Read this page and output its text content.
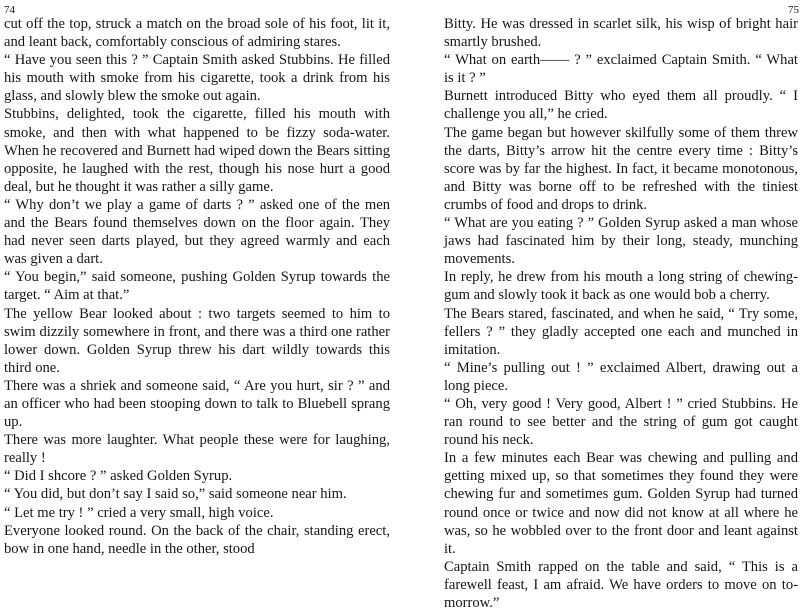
74

cut off the top, struck a match on the broad sole of his foot, lit it, and leant back, comfortably conscious of admiring stares.

“ Have you seen this ? ” Captain Smith asked Stubbins. He filled his mouth with smoke from his cigarette, took a drink from his glass, and slowly blew the smoke out again.

Stubbins, delighted, took the cigarette, filled his mouth with smoke, and then with what happened to be fizzy soda-water. When he recovered and Burnett had wiped down the Bears sitting opposite, he laughed with the rest, though his nose hurt a good deal, but he thought it was rather a silly game.

“ Why don’t we play a game of darts ? ” asked one of the men and the Bears found themselves down on the floor again. They had never seen darts played, but they agreed warmly and each was given a dart.

“ You begin,” said someone, pushing Golden Syrup towards the target. “ Aim at that.”

The yellow Bear looked about : two targets seemed to him to swim dizzily somewhere in front, and there was a third one rather lower down. Golden Syrup threw his dart wildly towards this third one.

There was a shriek and someone said, “ Are you hurt, sir ? ” and an officer who had been stooping down to talk to Bluebell sprang up.

There was more laughter. What people these were for laughing, really !

“ Did I shcore ? ” asked Golden Syrup.

“ You did, but don’t say I said so,” said someone near him.

“ Let me try ! ” cried a very small, high voice.

Everyone looked round. On the back of the chair, standing erect, bow in one hand, needle in the other, stood

75

Bitty. He was dressed in scarlet silk, his wisp of bright hair smartly brushed.

“ What on earth—— ? ” exclaimed Captain Smith. “ What is it ? ”

Burnett introduced Bitty who eyed them all proudly. “ I challenge you all,” he cried.

The game began but however skilfully some of them threw the darts, Bitty’s arrow hit the centre every time : Bitty’s score was by far the highest. In fact, it became monotonous, and Bitty was borne off to be refreshed with the tiniest crumbs of food and drops to drink.

“ What are you eating ? ” Golden Syrup asked a man whose jaws had fascinated him by their long, steady, munching movements.

In reply, he drew from his mouth a long string of chewing-gum and slowly took it back as one would bob a cherry.

The Bears stared, fascinated, and when he said, “ Try some, fellers ? ” they gladly accepted one each and munched in imitation.

“ Mine’s pulling out ! ” exclaimed Albert, drawing out a long piece.

“ Oh, very good ! Very good, Albert ! ” cried Stubbins. He ran round to see better and the string of gum got caught round his neck.

In a few minutes each Bear was chewing and pulling and getting mixed up, so that sometimes they found they were chewing fur and sometimes gum. Golden Syrup had turned round once or twice and now did not know at all where he was, so he wobbled over to the front door and leant against it.

Captain Smith rapped on the table and said, “ This is a farewell feast, I am afraid. We have orders to move on to-morrow.”
